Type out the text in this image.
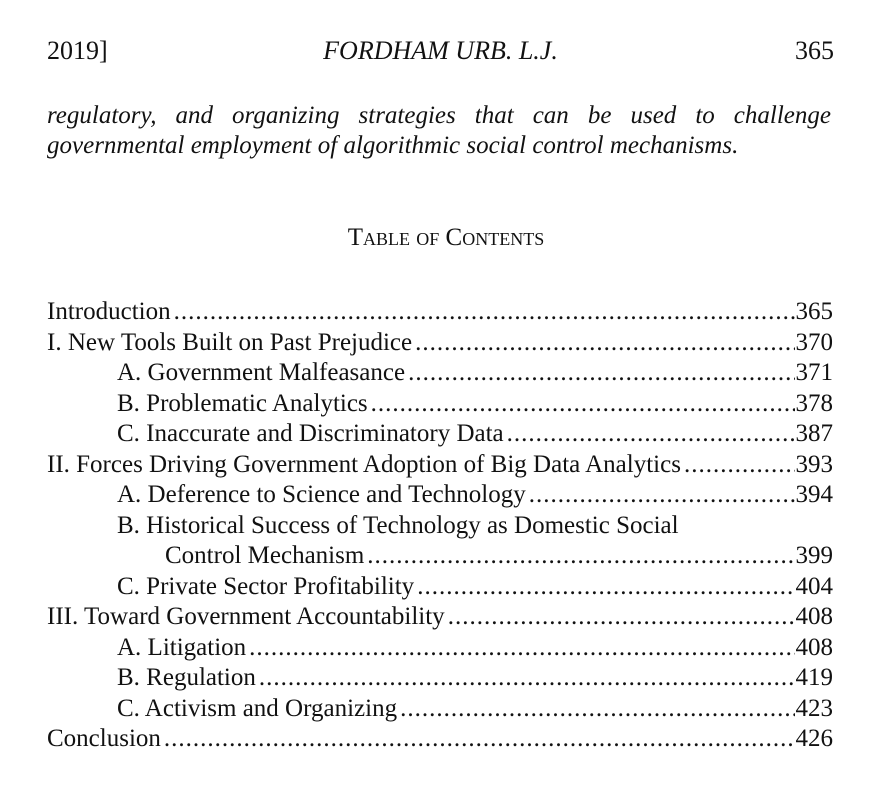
2019]	FORDHAM URB. L.J.	365
regulatory, and organizing strategies that can be used to challenge
governmental employment of algorithmic social control mechanisms.
Table of Contents
Introduction .....	365
I. New Tools Built on Past Prejudice .....	370
A. Government Malfeasance .....	371
B. Problematic Analytics .....	378
C. Inaccurate and Discriminatory Data .....	387
II. Forces Driving Government Adoption of Big Data Analytics .....	393
A. Deference to Science and Technology .....	394
B. Historical Success of Technology as Domestic Social
Control Mechanism .....	399
C. Private Sector Profitability .....	404
III. Toward Government Accountability .....	408
A. Litigation .....	408
B. Regulation .....	419
C. Activism and Organizing .....	423
Conclusion .....	426
